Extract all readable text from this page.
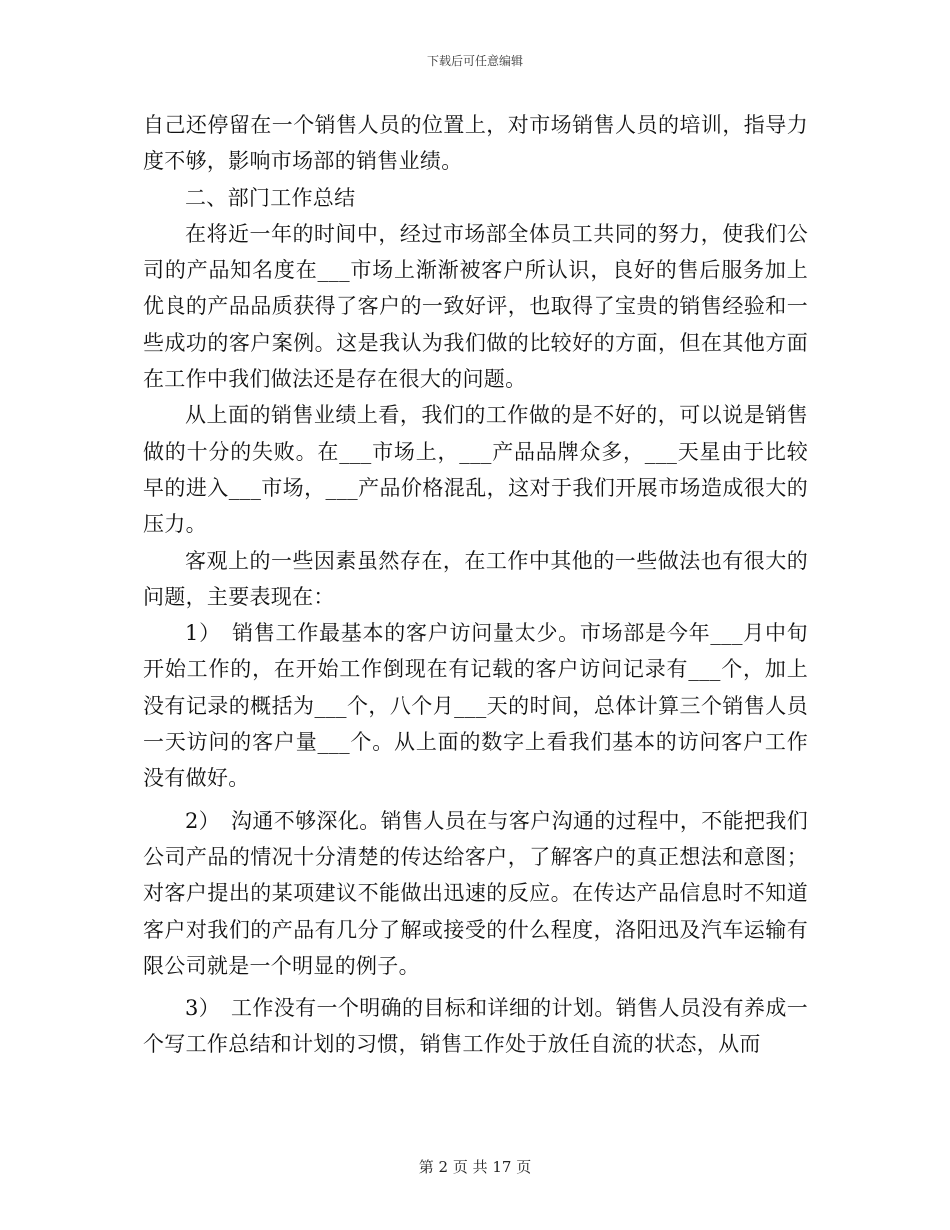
下载后可任意编辑

自己还停留在一个销售人员的位置上，对市场销售人员的培训，指导力度不够，影响市场部的销售业绩。

二、部门工作总结

在将近一年的时间中，经过市场部全体员工共同的努力，使我们公司的产品知名度在___市场上渐渐被客户所认识，良好的售后服务加上优良的产品品质获得了客户的一致好评，也取得了宝贵的销售经验和一些成功的客户案例。这是我认为我们做的比较好的方面，但在其他方面在工作中我们做法还是存在很大的问题。

从上面的销售业绩上看，我们的工作做的是不好的，可以说是销售做的十分的失败。在___市场上，___产品品牌众多，___天星由于比较早的进入___市场，___产品价格混乱，这对于我们开展市场造成很大的压力。

客观上的一些因素虽然存在，在工作中其他的一些做法也有很大的问题，主要表现在：

1）　销售工作最基本的客户访问量太少。市场部是今年___月中旬开始工作的，在开始工作倒现在有记载的客户访问记录有___个，加上没有记录的概括为___个，八个月___天的时间，总体计算三个销售人员一天访问的客户量___个。从上面的数字上看我们基本的访问客户工作没有做好。

2）　沟通不够深化。销售人员在与客户沟通的过程中，不能把我们公司产品的情况十分清楚的传达给客户，了解客户的真正想法和意图；对客户提出的某项建议不能做出迅速的反应。在传达产品信息时不知道客户对我们的产品有几分了解或接受的什么程度，洛阳迅及汽车运输有限公司就是一个明显的例子。

3）　工作没有一个明确的目标和详细的计划。销售人员没有养成一个写工作总结和计划的习惯，销售工作处于放任自流的状态，从而

第 2 页 共 17 页
